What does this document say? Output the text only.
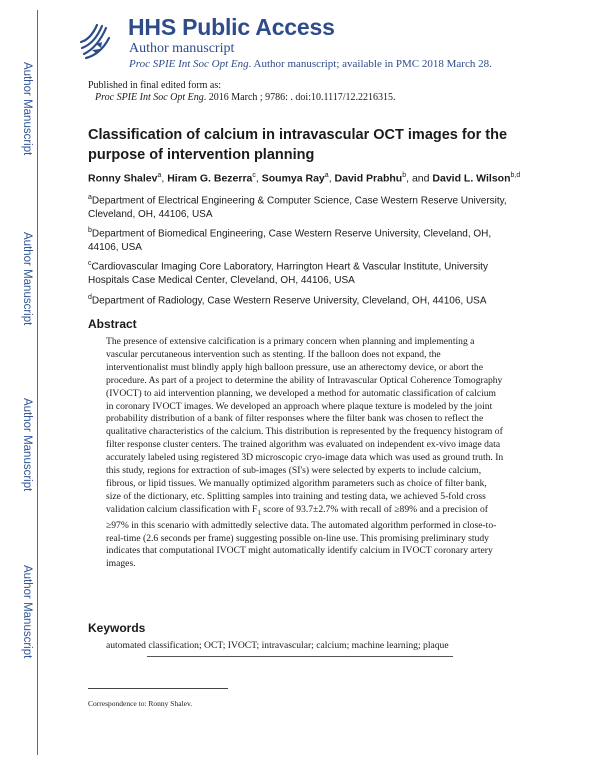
Author Manuscript
Author Manuscript
Author Manuscript
Author Manuscript
HHS Public Access
Author manuscript
Proc SPIE Int Soc Opt Eng. Author manuscript; available in PMC 2018 March 28.
Published in final edited form as:
Proc SPIE Int Soc Opt Eng. 2016 March ; 9786: . doi:10.1117/12.2216315.
Classification of calcium in intravascular OCT images for the purpose of intervention planning
Ronny Shalev$^a$, Hiram G. Bezerra$^c$, Soumya Ray$^a$, David Prabhu$^b$, and David L. Wilson$^{b,d}$
$^a$Department of Electrical Engineering & Computer Science, Case Western Reserve University, Cleveland, OH, 44106, USA
$^b$Department of Biomedical Engineering, Case Western Reserve University, Cleveland, OH, 44106, USA
$^c$Cardiovascular Imaging Core Laboratory, Harrington Heart & Vascular Institute, University Hospitals Case Medical Center, Cleveland, OH, 44106, USA
$^d$Department of Radiology, Case Western Reserve University, Cleveland, OH, 44106, USA
Abstract
The presence of extensive calcification is a primary concern when planning and implementing a vascular percutaneous intervention such as stenting. If the balloon does not expand, the interventionalist must blindly apply high balloon pressure, use an atherectomy device, or abort the procedure. As part of a project to determine the ability of Intravascular Optical Coherence Tomography (IVOCT) to aid intervention planning, we developed a method for automatic classification of calcium in coronary IVOCT images. We developed an approach where plaque texture is modeled by the joint probability distribution of a bank of filter responses where the filter bank was chosen to reflect the qualitative characteristics of the calcium. This distribution is represented by the frequency histogram of filter response cluster centers. The trained algorithm was evaluated on independent ex-vivo image data accurately labeled using registered 3D microscopic cryo-image data which was used as ground truth. In this study, regions for extraction of sub-images (SI's) were selected by experts to include calcium, fibrous, or lipid tissues. We manually optimized algorithm parameters such as choice of filter bank, size of the dictionary, etc. Splitting samples into training and testing data, we achieved 5-fold cross validation calcium classification with $F_1$ score of 93.7±2.7% with recall of ≥89% and a precision of ≥97% in this scenario with admittedly selective data. The automated algorithm performed in close-to-real-time (2.6 seconds per frame) suggesting possible on-line use. This promising preliminary study indicates that computational IVOCT might automatically identify calcium in IVOCT coronary artery images.
Keywords
automated classification; OCT; IVOCT; intravascular; calcium; machine learning; plaque
Correspondence to: Ronny Shalev.
